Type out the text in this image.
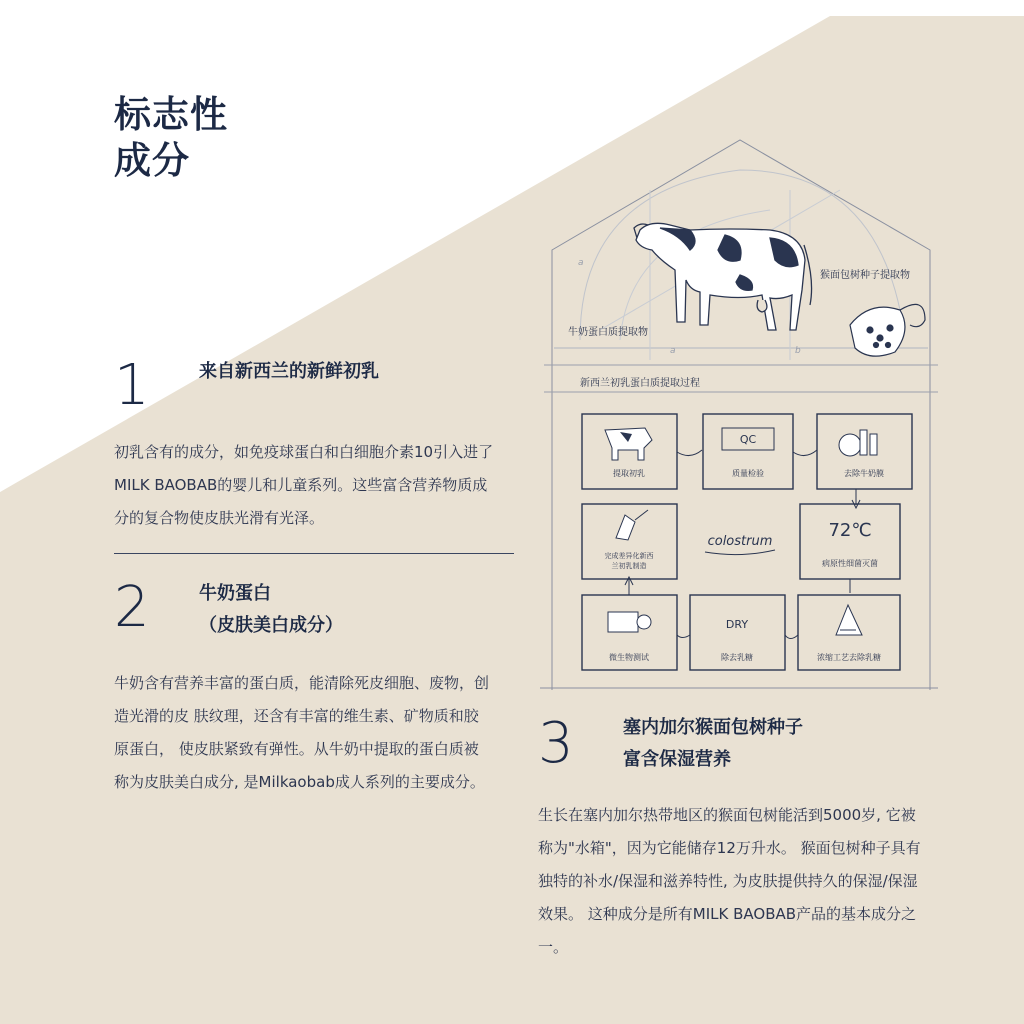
标志性
成分
1	来自新西兰的新鲜初乳
初乳含有的成分，如免疫球蛋白和白细胞介素10引入进了
MILK BAOBAB的婴儿和儿童系列。这些富含营养物质成
分的复合物使皮肤光滑有光泽。
2	牛奶蛋白
（皮肤美白成分）
牛奶含有营养丰富的蛋白质，能清除死皮细胞、废物，创
造光滑的皮 肤纹理，还含有丰富的维生素、矿物质和胶
原蛋白， 使皮肤紧致有弹性。从牛奶中提取的蛋白质被
称为皮肤美白成分, 是Milkaobab成人系列的主要成分。
3	塞内加尔猴面包树种子
富含保湿营养
生长在塞内加尔热带地区的猴面包树能活到5000岁, 它被
称为"水箱"，因为它能储存12万升水。 猴面包树种子具有
独特的补水/保湿和滋养特性, 为皮肤提供持久的保湿/保湿
效果。 这种成分是所有MILK BAOBAB产品的基本成分之
一。
a
a	b
猴面包树种子提取物
牛奶蛋白质提取物
新西兰初乳蛋白质提取过程
提取初乳
QC
质量检验	去除牛奶膜
完成差异化新西
兰初乳制造
colostrum
72℃
病原性细菌灭菌
微生物测试
DRY
除去乳糖	浓缩工艺去除乳糖
